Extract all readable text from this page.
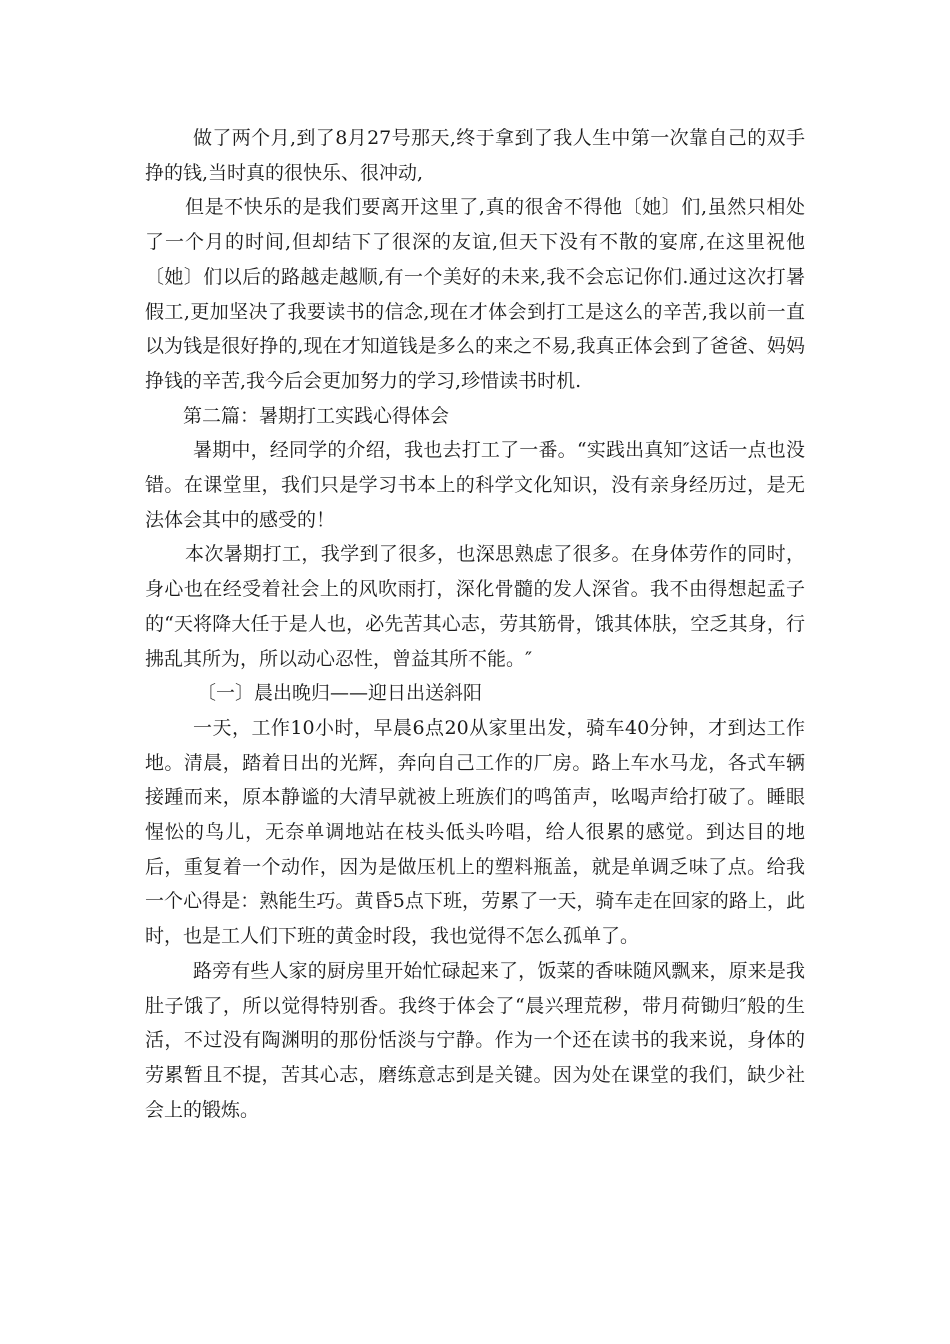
做了两个月,到了8月27号那天,终于拿到了我人生中第一次靠自己的双手挣的钱,当时真的很快乐、很冲动,

但是不快乐的是我们要离开这里了,真的很舍不得他〔她〕们,虽然只相处了一个月的时间,但却结下了很深的友谊,但天下没有不散的宴席,在这里祝他〔她〕们以后的路越走越顺,有一个美好的未来,我不会忘记你们.通过这次打暑假工,更加坚决了我要读书的信念,现在才体会到打工是这么的辛苦,我以前一直以为钱是很好挣的,现在才知道钱是多么的来之不易,我真正体会到了爸爸、妈妈挣钱的辛苦,我今后会更加努力的学习,珍惜读书时机.

第二篇：暑期打工实践心得体会

暑期中，经同学的介绍，我也去打工了一番。“实践出真知″这话一点也没错。在课堂里，我们只是学习书本上的科学文化知识，没有亲身经历过，是无法体会其中的感受的！

本次暑期打工，我学到了很多，也深思熟虑了很多。在身体劳作的同时，身心也在经受着社会上的风吹雨打，深化骨髓的发人深省。我不由得想起孟子的“天将降大任于是人也，必先苦其心志，劳其筋骨，饿其体肤，空乏其身，行拂乱其所为，所以动心忍性，曾益其所不能。″

〔一〕晨出晚归——迎日出送斜阳

一天，工作10小时，早晨6点20从家里出发，骑车40分钟，才到达工作地。清晨，踏着日出的光辉，奔向自己工作的厂房。路上车水马龙，各式车辆接踵而来，原本静谧的大清早就被上班族们的鸣笛声，吆喝声给打破了。睡眼惺忪的鸟儿，无奈单调地站在枝头低头吟唱，给人很累的感觉。到达目的地后，重复着一个动作，因为是做压机上的塑料瓶盖，就是单调乏味了点。给我一个心得是：熟能生巧。黄昏5点下班，劳累了一天，骑车走在回家的路上，此时，也是工人们下班的黄金时段，我也觉得不怎么孤单了。

路旁有些人家的厨房里开始忙碌起来了，饭菜的香味随风飘来，原来是我肚子饿了，所以觉得特别香。我终于体会了“晨兴理荒秽，带月荷锄归″般的生活，不过没有陶渊明的那份恬淡与宁静。作为一个还在读书的我来说，身体的劳累暂且不提，苦其心志，磨练意志到是关键。因为处在课堂的我们，缺少社会上的锻炼。
